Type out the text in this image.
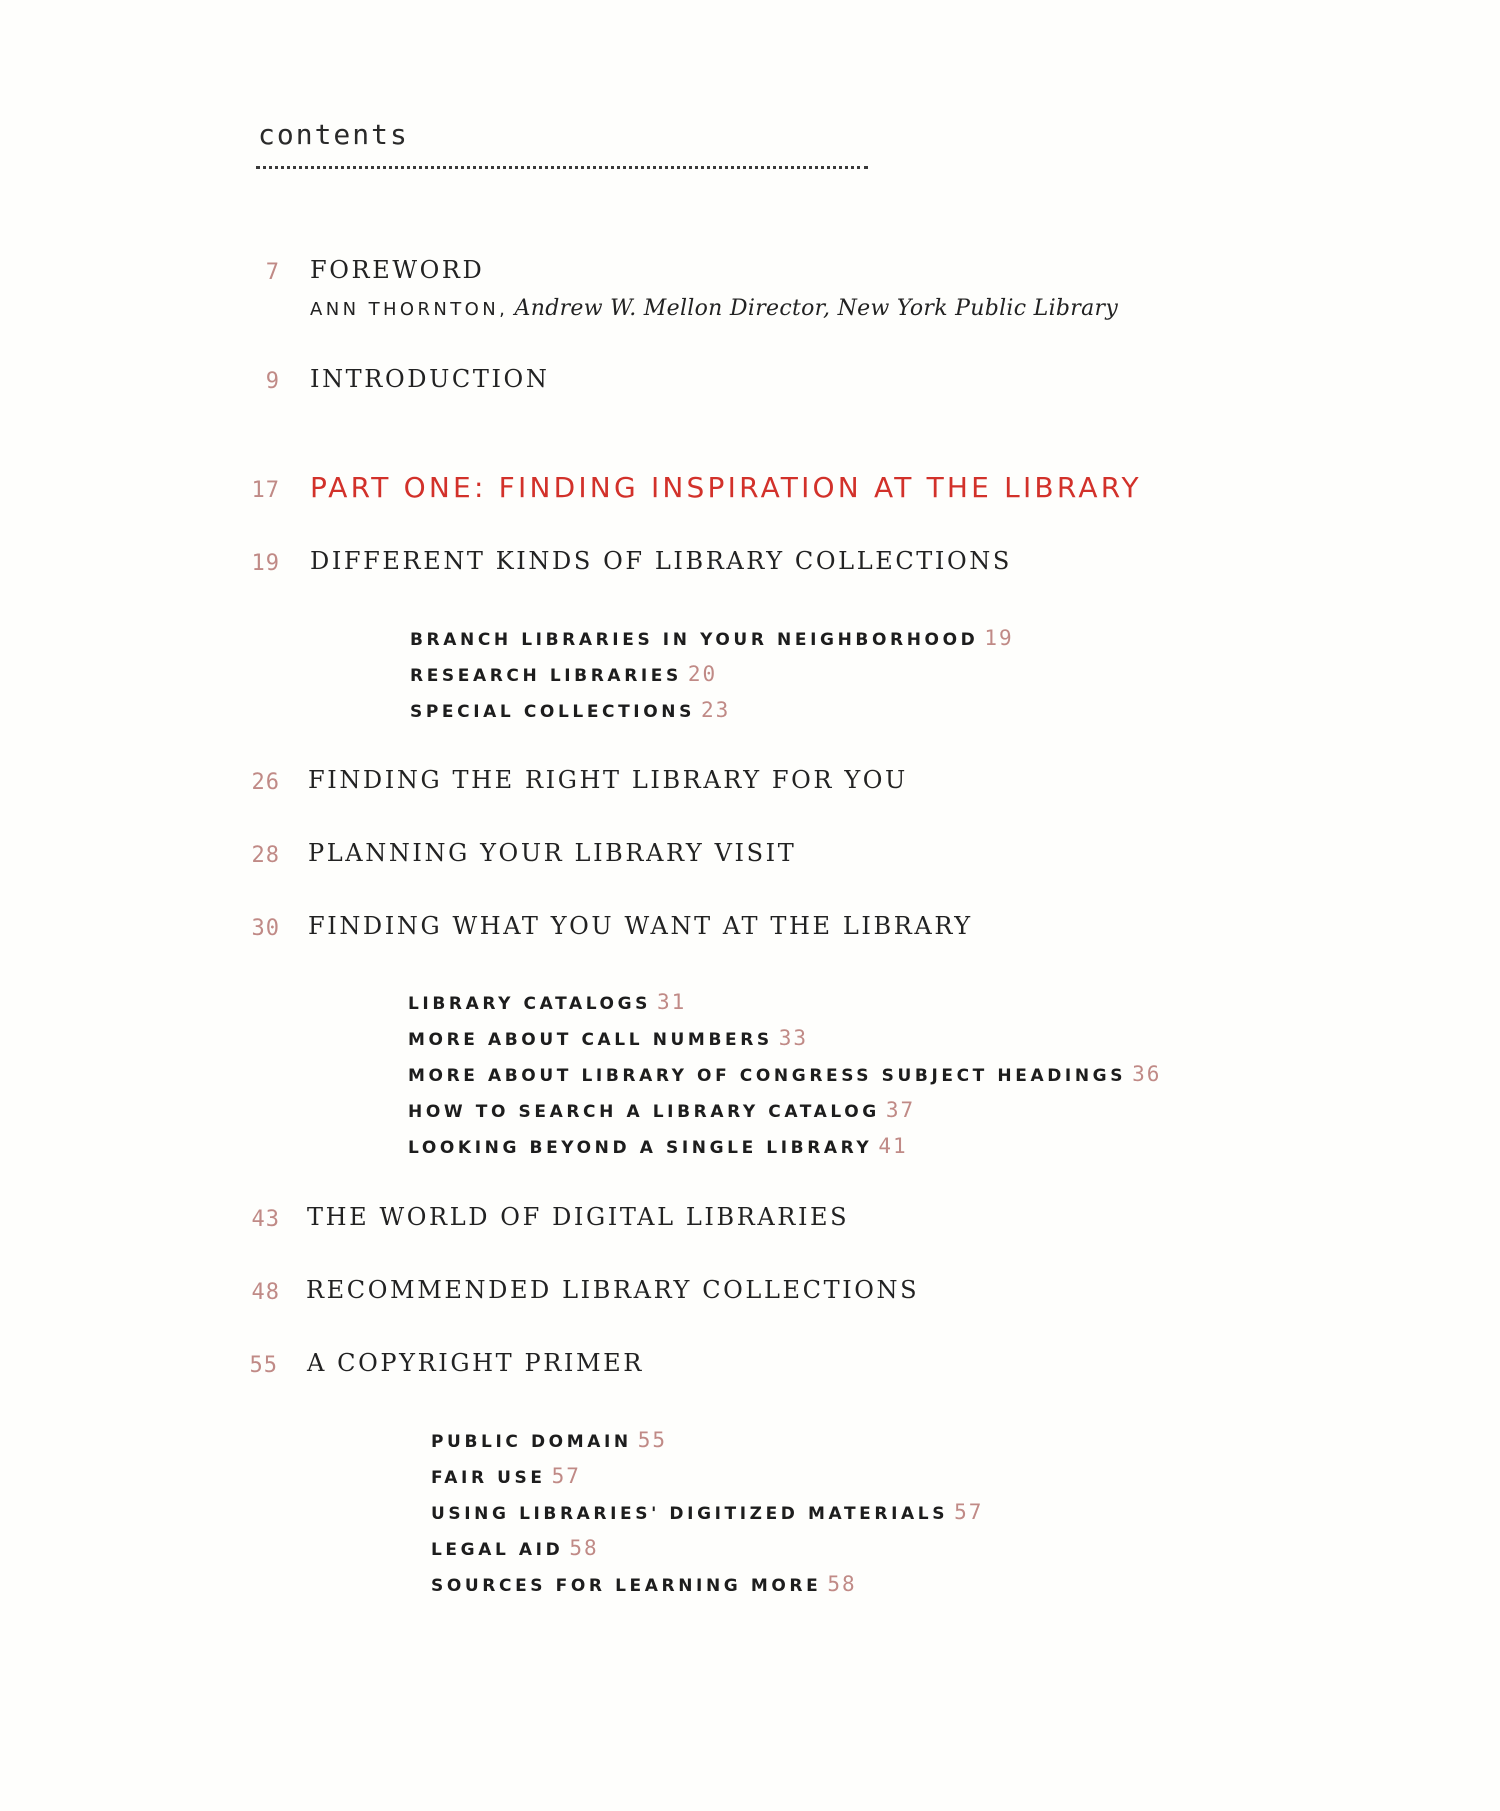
contents
7 FOREWORD
ANN THORNTON, Andrew W. Mellon Director, New York Public Library
9 INTRODUCTION
17 PART ONE: FINDING INSPIRATION AT THE LIBRARY
19 DIFFERENT KINDS OF LIBRARY COLLECTIONS
BRANCH LIBRARIES IN YOUR NEIGHBORHOOD 19
RESEARCH LIBRARIES 20
SPECIAL COLLECTIONS 23
26 FINDING THE RIGHT LIBRARY FOR YOU
28 PLANNING YOUR LIBRARY VISIT
30 FINDING WHAT YOU WANT AT THE LIBRARY
LIBRARY CATALOGS 31
MORE ABOUT CALL NUMBERS 33
MORE ABOUT LIBRARY OF CONGRESS SUBJECT HEADINGS 36
HOW TO SEARCH A LIBRARY CATALOG 37
LOOKING BEYOND A SINGLE LIBRARY 41
43 THE WORLD OF DIGITAL LIBRARIES
48 RECOMMENDED LIBRARY COLLECTIONS
55 A COPYRIGHT PRIMER
PUBLIC DOMAIN 55
FAIR USE 57
USING LIBRARIES' DIGITIZED MATERIALS 57
LEGAL AID 58
SOURCES FOR LEARNING MORE 58
